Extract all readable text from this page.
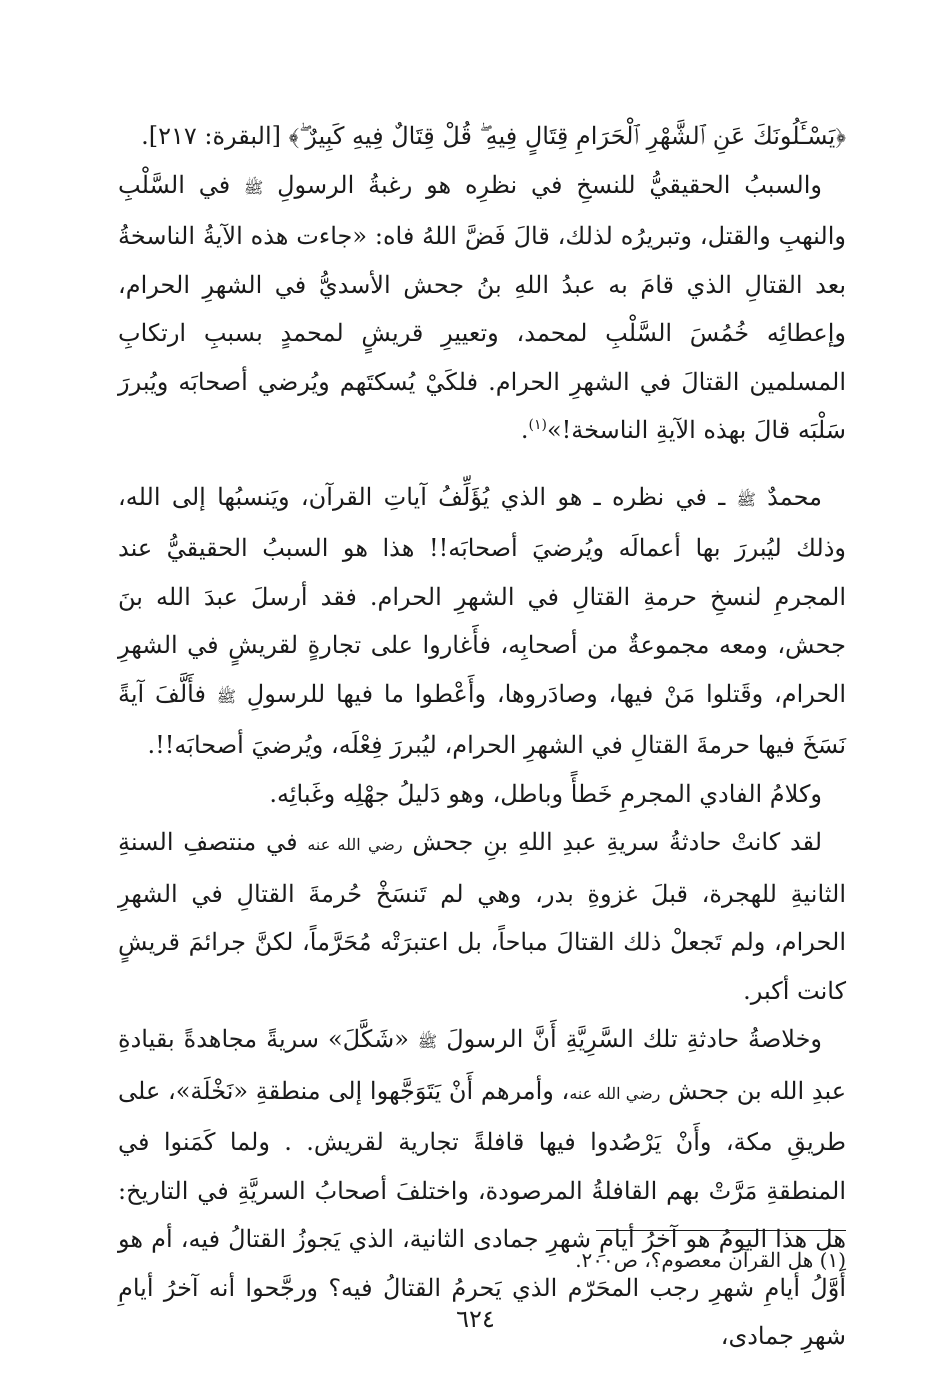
﴿يَسْـَٔلُونَكَ عَنِ ٱلشَّهْرِ ٱلْحَرَامِ قِتَالٍ فِيهِ ۖ قُلْ قِتَالٌ فِيهِ كَبِيرٌ ۖ﴾ [البقرة: ٢١٧].

والسببُ الحقيقيُّ للنسخِ في نظرِه هو رغبةُ الرسولِ ﷺ في السَّلْبِ والنهبِ والقتل، وتبريرُه لذلك، قالَ فَضَّ اللهُ فاه: «جاءت هذه الآيةُ الناسخةُ بعد القتالِ الذي قامَ به عبدُ اللهِ بنُ جحش الأسديُّ في الشهرِ الحرام، وإعطائِه خُمُسَ السَّلْبِ لمحمد، وتعييرِ قريشٍ لمحمدٍ بسببِ ارتكابِ المسلمين القتالَ في الشهرِ الحرام. فلكَيْ يُسكتَهم ويُرضي أصحابَه ويُبررَ سَلْبَه قالَ بهذه الآيةِ الناسخة!»$^{(١)}$.

محمدٌ ﷺ ـ في نظره ـ هو الذي يُؤَلِّفُ آياتِ القرآن، ويَنسبُها إلى الله، وذلك ليُبررَ بها أعمالَه ويُرضيَ أصحابَه!! هذا هو السببُ الحقيقيُّ عند المجرمِ لنسخِ حرمةِ القتالِ في الشهرِ الحرام. فقد أرسلَ عبدَ الله بنَ جحش، ومعه مجموعةٌ من أصحابِه، فأَغاروا على تجارةٍ لقريشٍ في الشهرِ الحرام، وقَتلوا مَنْ فيها، وصادَروها، وأَعْطوا ما فيها للرسولِ ﷺ فأَلَّفَ آيةً نَسَخَ فيها حرمةَ القتالِ في الشهرِ الحرام، ليُبررَ فِعْلَه، ويُرضيَ أصحابَه!!.

وكلامُ الفادي المجرمِ خَطأً وباطل، وهو دَليلُ جهْلِه وغَبائِه.

لقد كانتْ حادثةُ سريةِ عبدِ اللهِ بنِ جحش رضي الله عنه في منتصفِ السنةِ الثانيةِ للهجرة، قبلَ غزوةِ بدر، وهي لم تَنسَخْ حُرمةَ القتالِ في الشهرِ الحرام، ولم تَجعلْ ذلك القتالَ مباحاً، بل اعتبرَتْه مُحَرَّماً، لكنَّ جرائمَ قريشٍ كانت أكبر.

وخلاصةُ حادثةِ تلك السَّرِيَّةِ أَنَّ الرسولَ ﷺ «شَكَّلَ» سريةً مجاهدةً بقيادةِ عبدِ الله بن جحش رضي الله عنه، وأمرهم أَنْ يَتَوَجَّهوا إلى منطقةِ «نَخْلَة»، على طريقِ مكة، وأَنْ يَرْصُدوا فيها قافلةً تجارية لقريش. . ولما كَمَنوا في المنطقةِ مَرَّتْ بهم القافلةُ المرصودة، واختلفَ أصحابُ السريَّةِ في التاريخ: هل هذا اليومُ هو آخرُ أيامِ شهرِ جمادى الثانية، الذي يَجوزُ القتالُ فيه، أم هو أَوَّلُ أيامِ شهرِ رجب المحَرّم الذي يَحرمُ القتالُ فيه؟ ورجَّحوا أنه آخرُ أيامِ شهرِ جمادى،

(١) هل القرآن معصوم؟، ص٢٠٠.
٦٢٤
